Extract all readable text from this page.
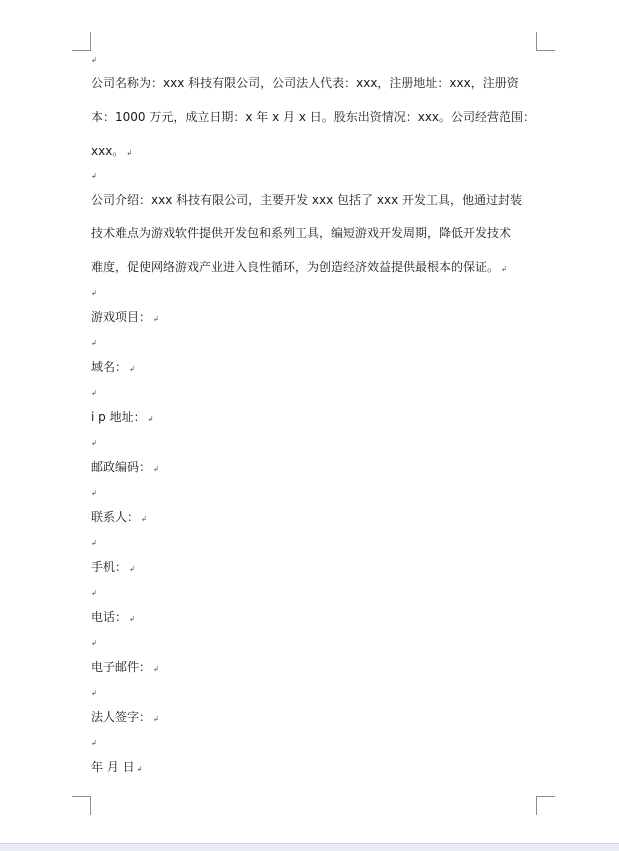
↲
公司名称为：xxx 科技有限公司，公司法人代表：xxx，注册地址：xxx，注册资
本：1000 万元，成立日期：x 年 x 月 x 日。股东出资情况：xxx。公司经营范围：
xxx。 ↲
↲
公司介绍：xxx 科技有限公司，主要开发 xxx 包括了 xxx 开发工具，他通过封装
技术难点为游戏软件提供开发包和系列工具，编短游戏开发周期，降低开发技术
难度，促使网络游戏产业进入良性循环，为创造经济效益提供最根本的保证。 ↲
↲
游戏项目： ↲
↲
域名： ↲
↲
i p 地址： ↲
↲
邮政编码： ↲
↲
联系人： ↲
↲
手机： ↲
↲
电话： ↲
↲
电子邮件： ↲
↲
法人签字： ↲
↲
年 月 日 ↲
